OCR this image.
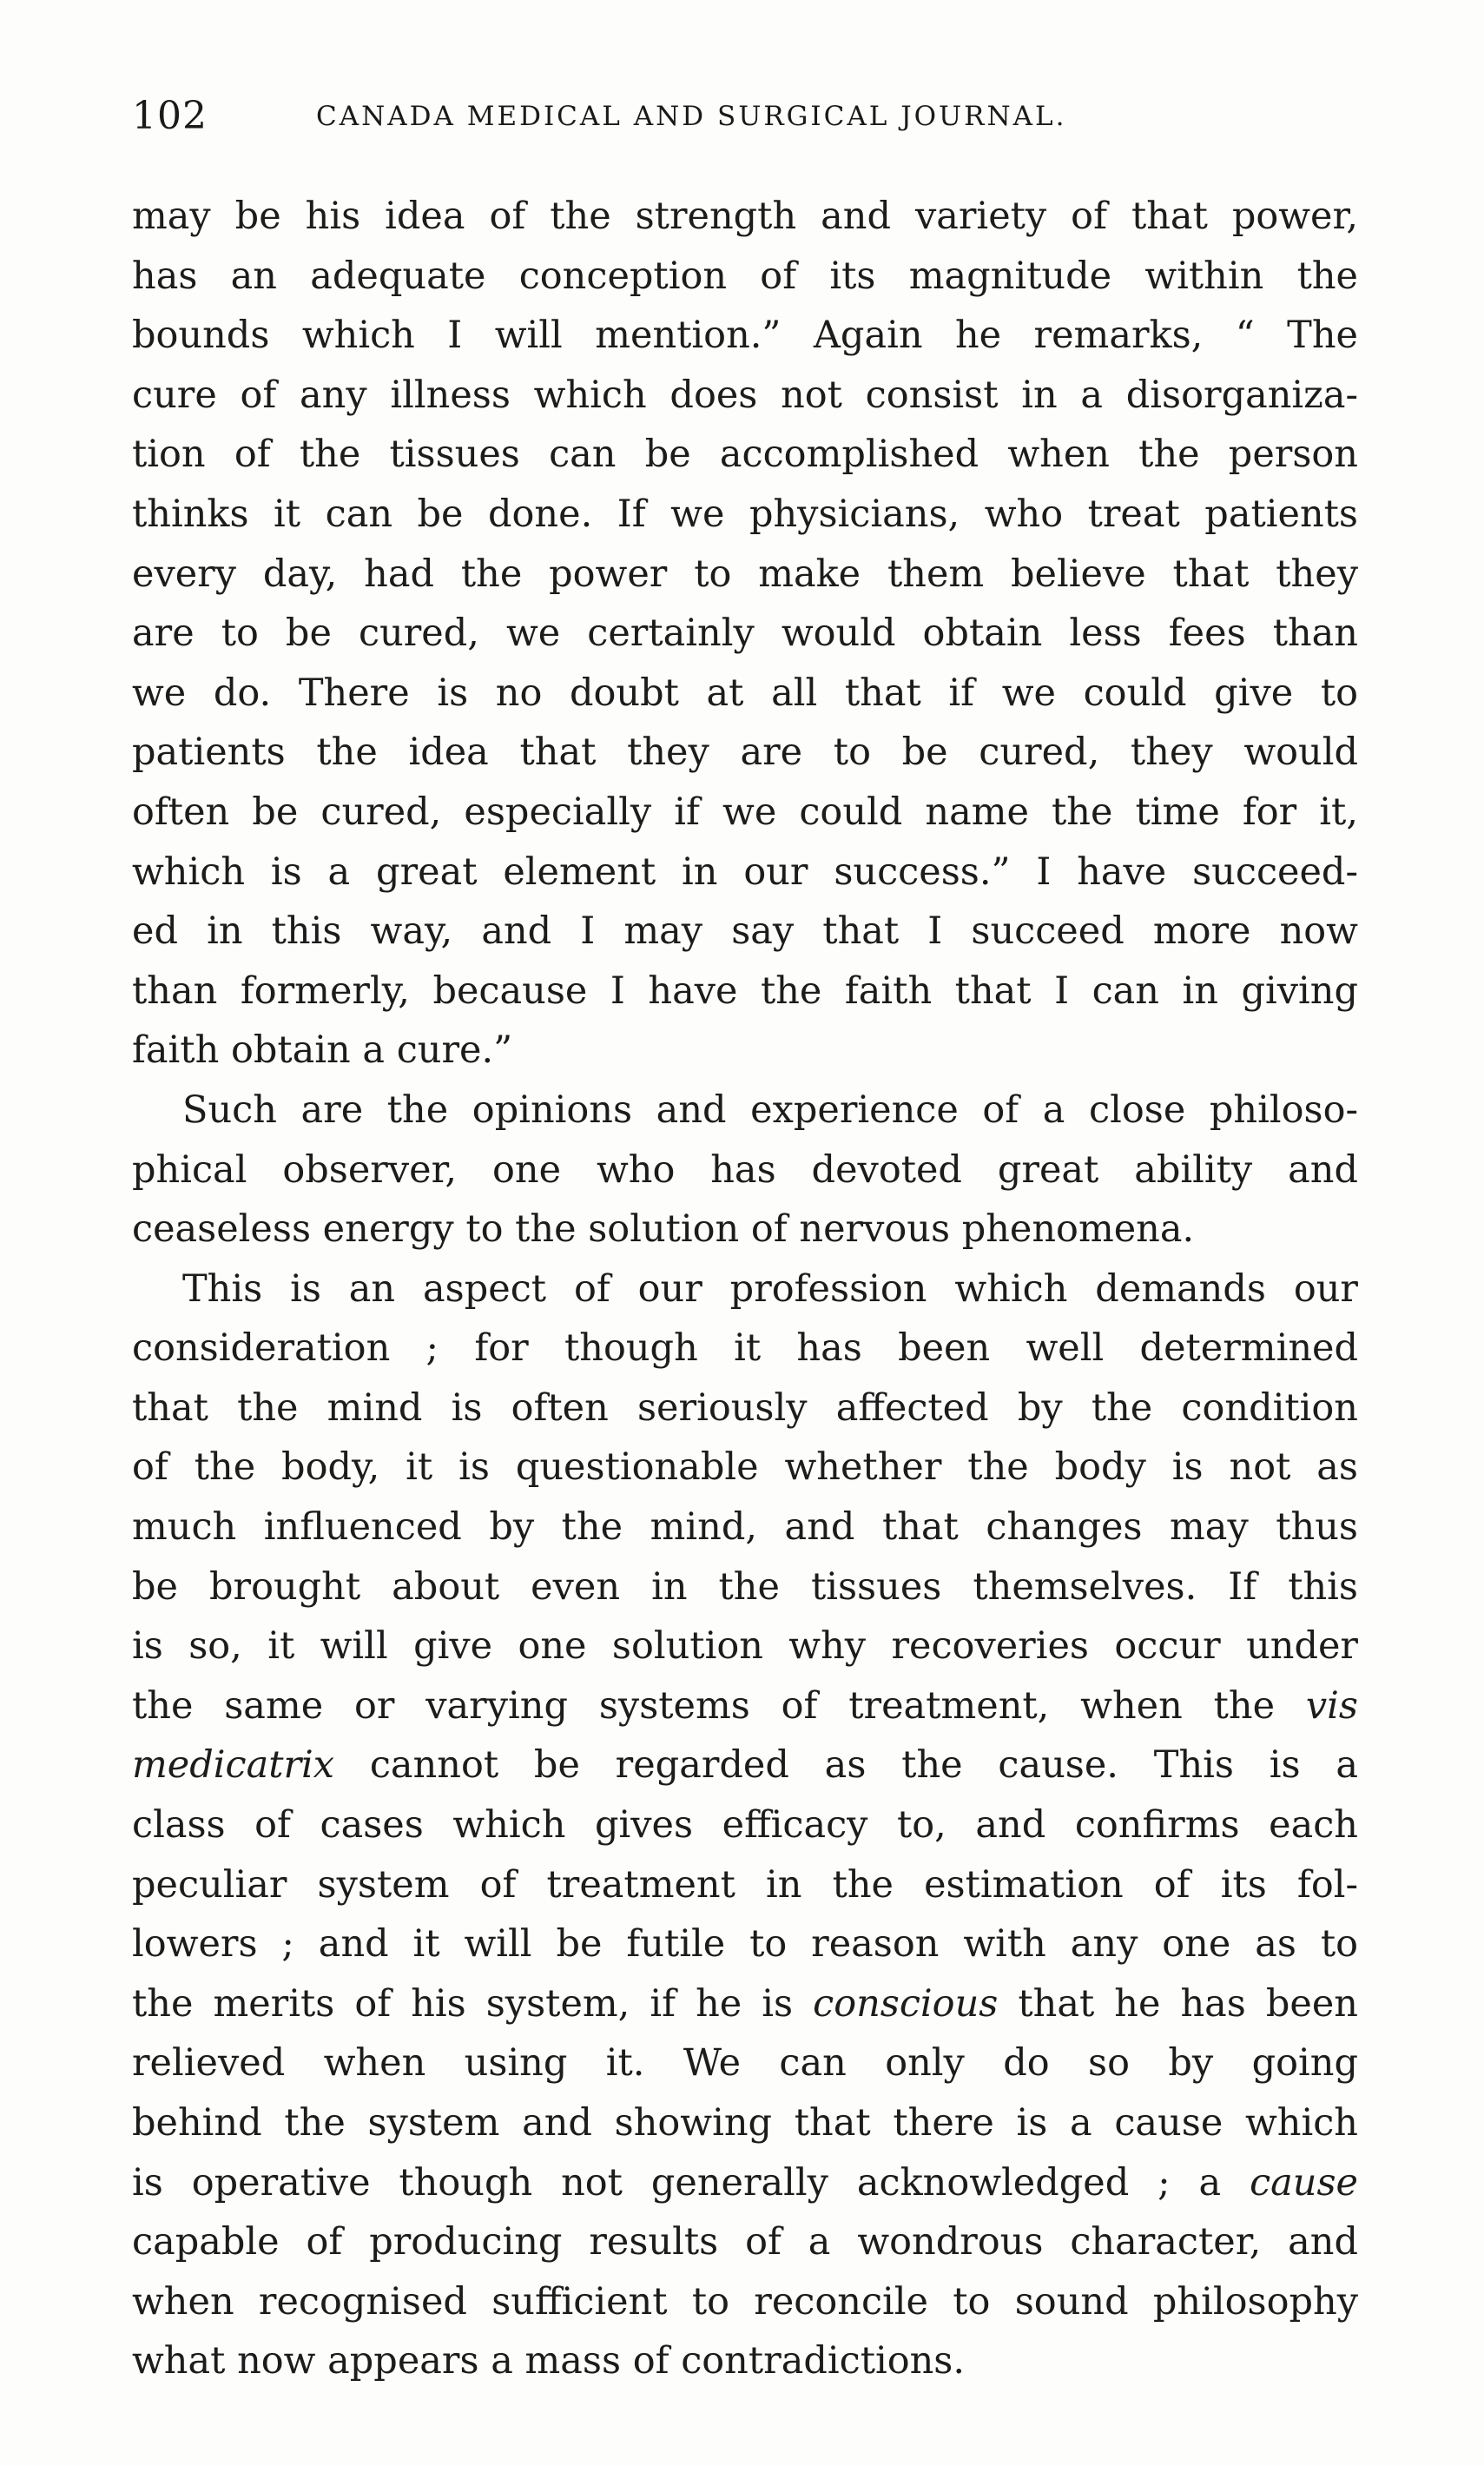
102	CANADA MEDICAL AND SURGICAL JOURNAL.

may be his idea of the strength and variety of that power,
has an adequate conception of its magnitude within the
bounds which I will mention.” Again he remarks, “ The
cure of any illness which does not consist in a disorganiza-
tion of the tissues can be accomplished when the person
thinks it can be done. If we physicians, who treat patients
every day, had the power to make them believe that they
are to be cured, we certainly would obtain less fees than
we do. There is no doubt at all that if we could give to
patients the idea that they are to be cured, they would
often be cured, especially if we could name the time for it,
which is a great element in our success.” I have succeed-
ed in this way, and I may say that I succeed more now
than formerly, because I have the faith that I can in giving
faith obtain a cure.”

Such are the opinions and experience of a close philoso-
phical observer, one who has devoted great ability and
ceaseless energy to the solution of nervous phenomena.

This is an aspect of our profession which demands our
consideration ; for though it has been well determined
that the mind is often seriously affected by the condition
of the body, it is questionable whether the body is not as
much influenced by the mind, and that changes may thus
be brought about even in the tissues themselves. If this
is so, it will give one solution why recoveries occur under
the same or varying systems of treatment, when the vis
medicatrix cannot be regarded as the cause. This is a
class of cases which gives efficacy to, and confirms each
peculiar system of treatment in the estimation of its fol-
lowers ; and it will be futile to reason with any one as to
the merits of his system, if he is conscious that he has been
relieved when using it. We can only do so by going
behind the system and showing that there is a cause which
is operative though not generally acknowledged ; a cause
capable of producing results of a wondrous character, and
when recognised sufficient to reconcile to sound philosophy
what now appears a mass of contradictions.
